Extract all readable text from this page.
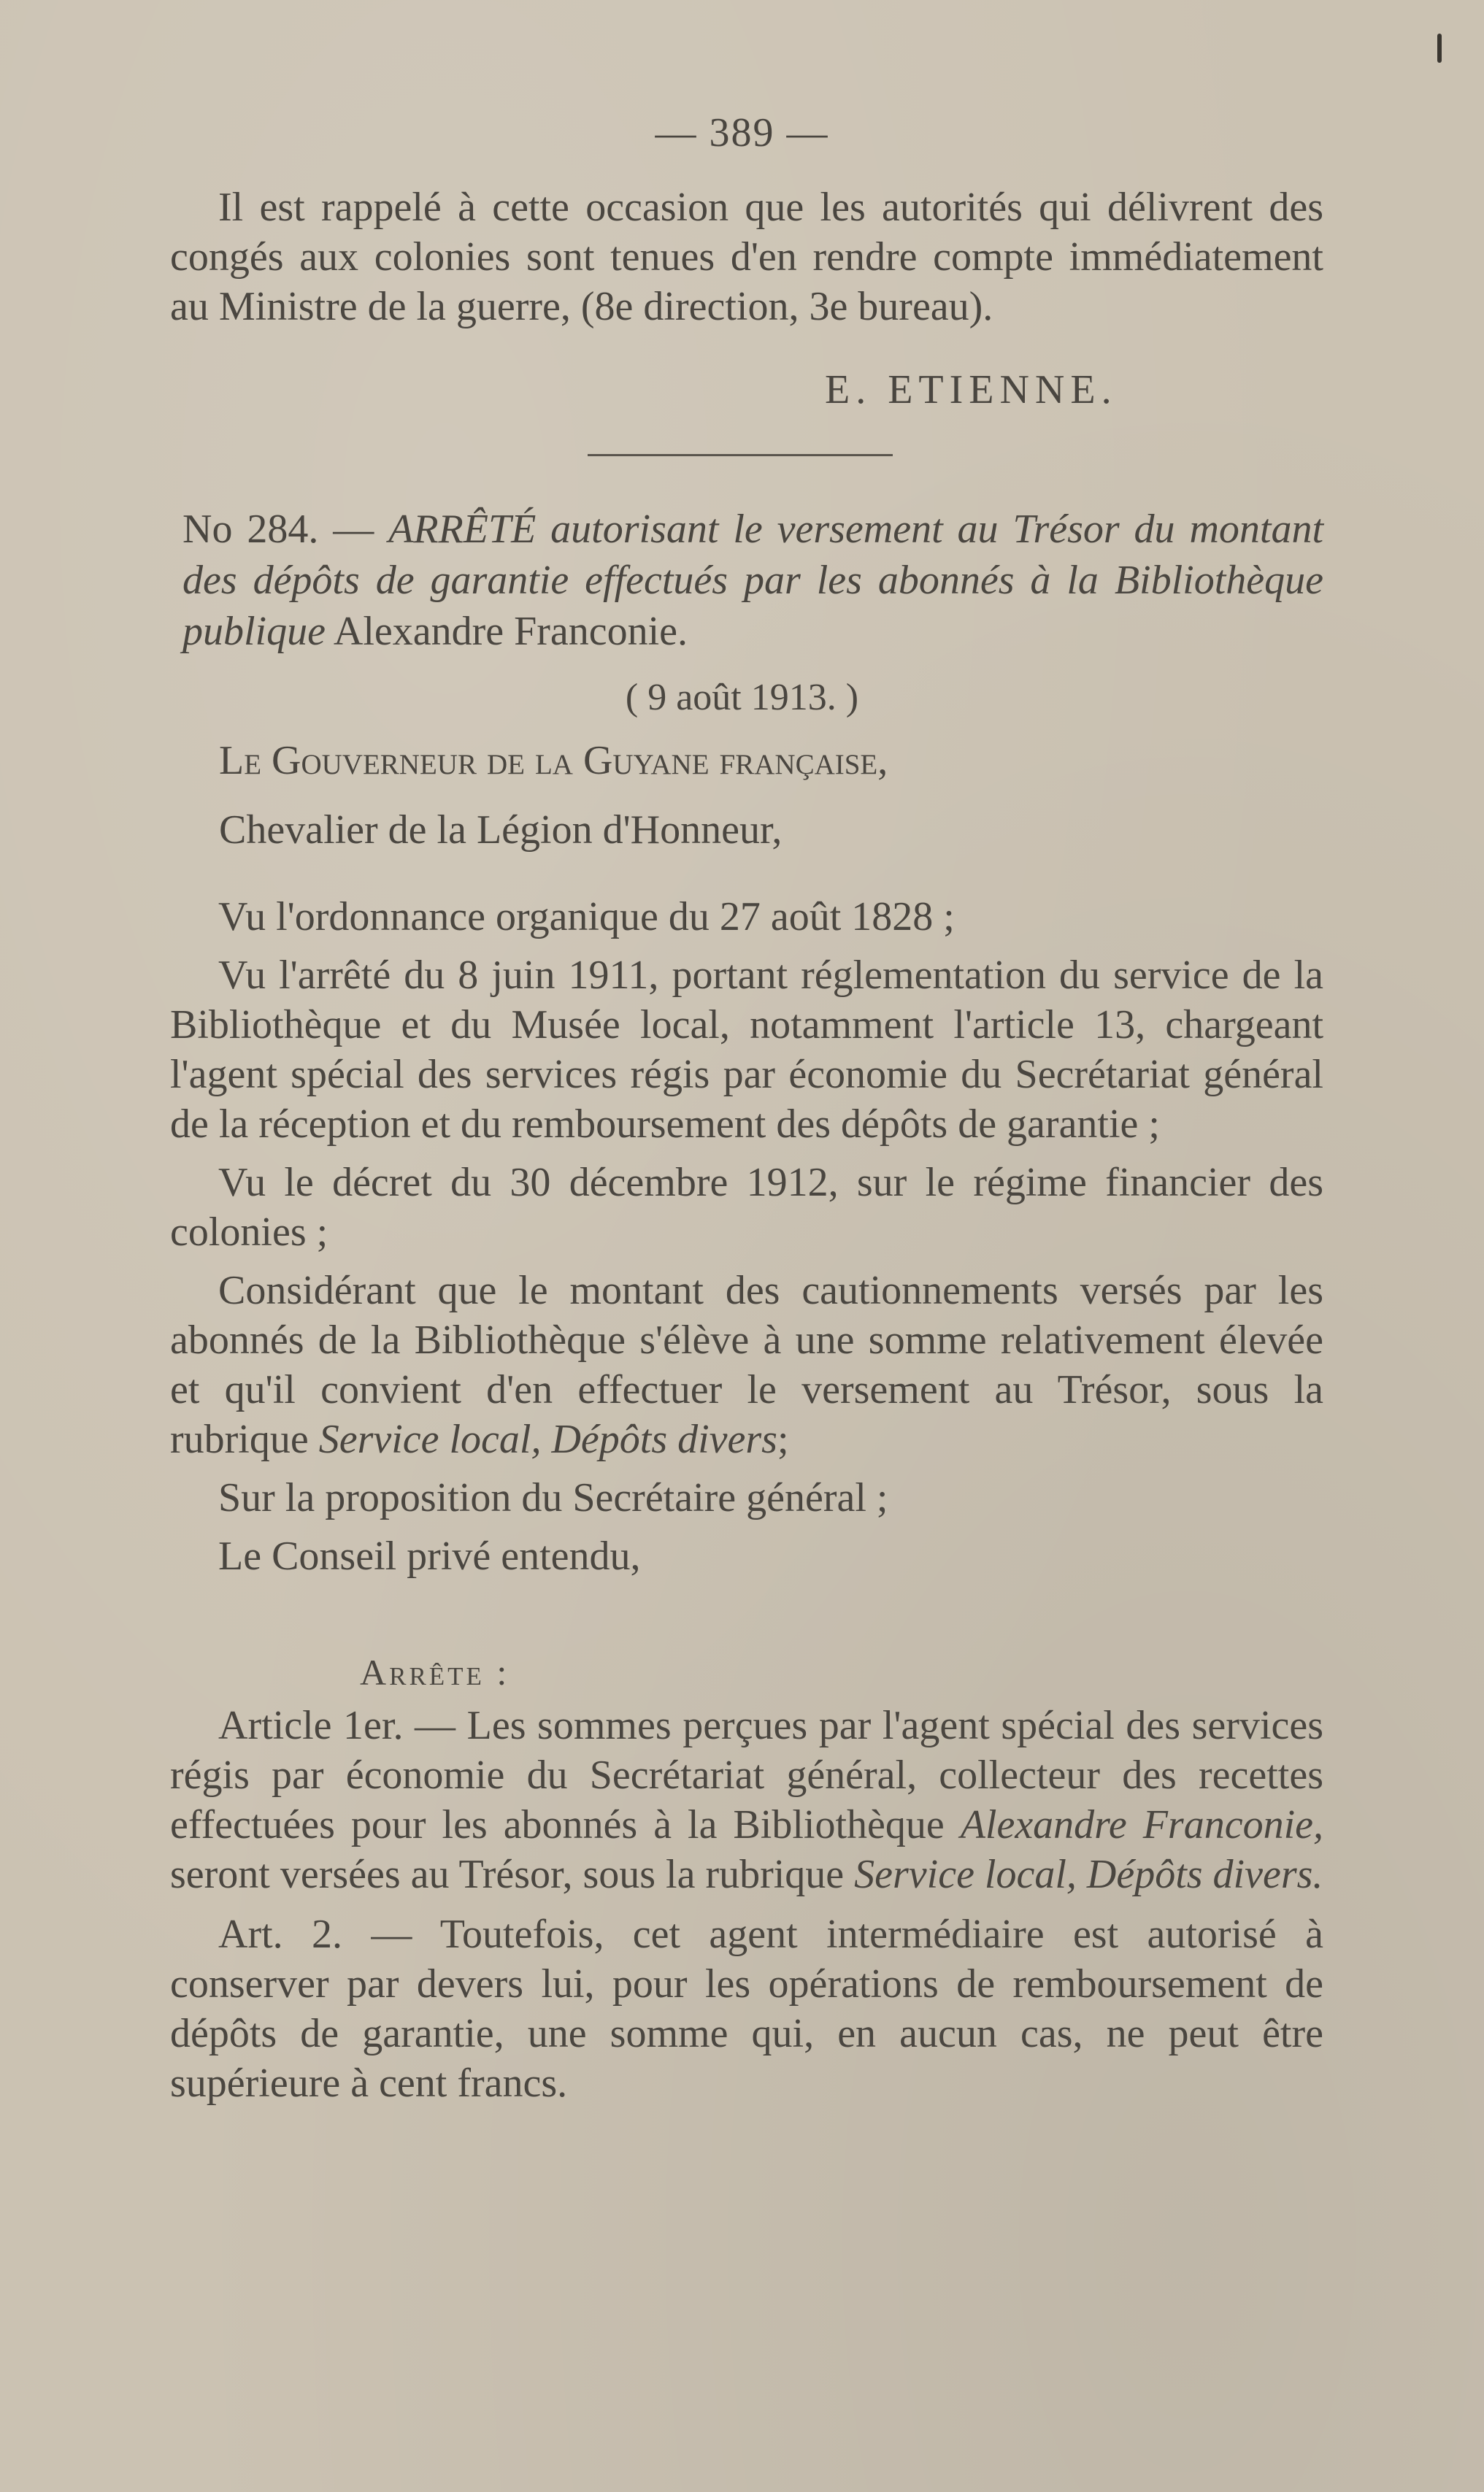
— 389 —

Il est rappelé à cette occasion que les autorités qui délivrent des congés aux colonies sont tenues d'en rendre compte immédiatement au Ministre de la guerre, (8e direction, 3e bureau).

E. ETIENNE.
No 284. — ARRÊTÉ autorisant le versement au Trésor du montant des dépôts de garantie effectués par les abonnés à la Bibliothèque publique Alexandre Franconie.
( 9 août 1913. )
Le Gouverneur de la Guyane française,
Chevalier de la Légion d'Honneur,

Vu l'ordonnance organique du 27 août 1828 ;

Vu l'arrêté du 8 juin 1911, portant réglementation du service de la Bibliothèque et du Musée local, notamment l'article 13, chargeant l'agent spécial des services régis par économie du Secrétariat général de la réception et du remboursement des dépôts de garantie ;

Vu le décret du 30 décembre 1912, sur le régime financier des colonies ;

Considérant que le montant des cautionnements versés par les abonnés de la Bibliothèque s'élève à une somme relativement élevée et qu'il convient d'en effectuer le versement au Trésor, sous la rubrique Service local, Dépôts divers;

Sur la proposition du Secrétaire général ;

Le Conseil privé entendu,

Arrête :

Article 1er. — Les sommes perçues par l'agent spécial des services régis par économie du Secrétariat général, collecteur des recettes effectuées pour les abonnés à la Bibliothèque Alexandre Franconie, seront versées au Trésor, sous la rubrique Service local, Dépôts divers.

Art. 2. — Toutefois, cet agent intermédiaire est autorisé à conserver par devers lui, pour les opérations de remboursement de dépôts de garantie, une somme qui, en aucun cas, ne peut être supérieure à cent francs.
